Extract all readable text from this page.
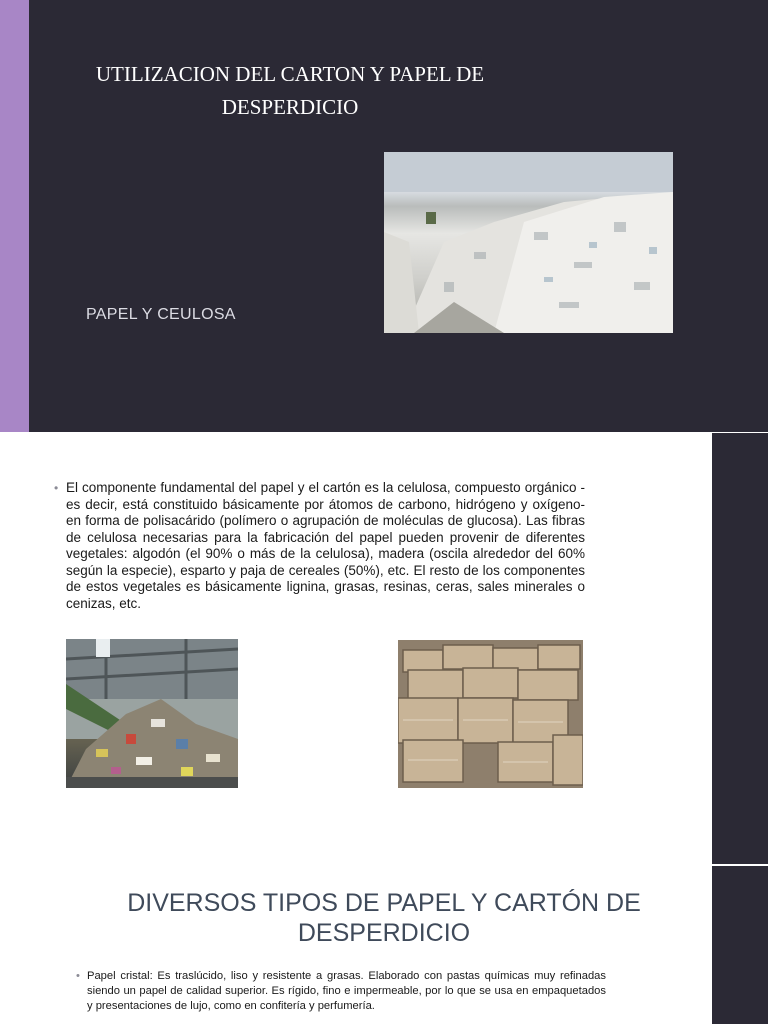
UTILIZACION DEL CARTON Y PAPEL DE DESPERDICIO
PAPEL Y CEULOSA
• El componente fundamental del papel y el cartón es la celulosa, compuesto orgánico -es decir, está constituido básicamente por átomos de carbono, hidrógeno y oxígeno- en forma de polisacárido (polímero o agrupación de moléculas de glucosa). Las fibras de celulosa necesarias para la fabricación del papel pueden provenir de diferentes vegetales: algodón (el 90% o más de la celulosa), madera (oscila alrededor del 60% según la especie), esparto y paja de cereales (50%), etc. El resto de los componentes de estos vegetales es básicamente lignina, grasas, resinas, ceras, sales minerales o cenizas, etc.
DIVERSOS TIPOS DE PAPEL Y CARTÓN DE DESPERDICIO
• Papel cristal: Es traslúcido, liso y resistente a grasas. Elaborado con pastas químicas muy refinadas siendo un papel de calidad superior. Es rígido, fino e impermeable, por lo que se usa en empaquetados y presentaciones de lujo, como en confitería y perfumería.
